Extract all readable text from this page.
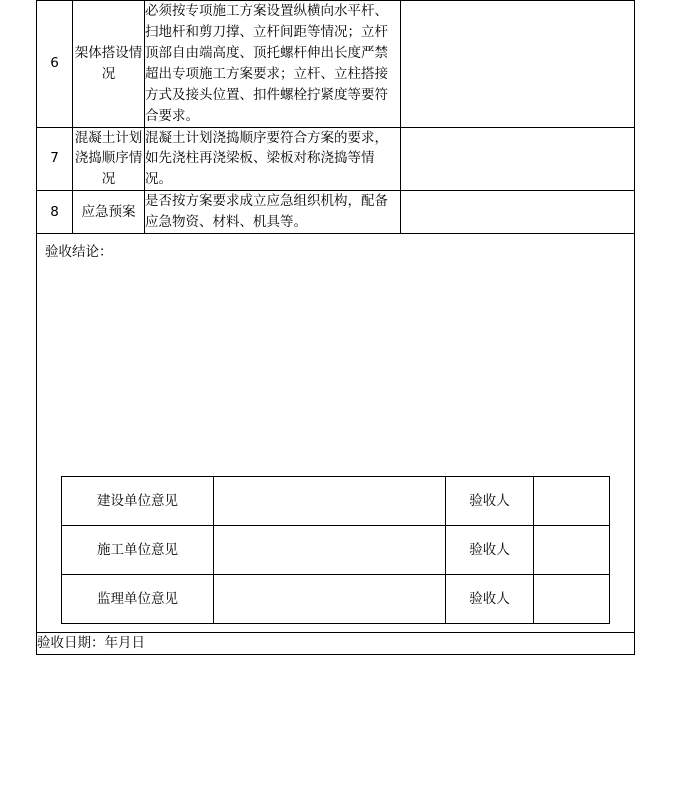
6	架体搭设情况	必须按专项施工方案设置纵横向水平杆、扫地杆和剪刀撑、立杆间距等情况；立杆顶部自由端高度、顶托螺杆伸出长度严禁超出专项施工方案要求；立杆、立柱搭接方式及接头位置、扣件螺栓拧紧度等要符合要求。	
7	混凝土计划浇捣顺序情况	混凝土计划浇捣顺序要符合方案的要求，如先浇柱再浇梁板、梁板对称浇捣等情况。	
8	应急预案	是否按方案要求成立应急组织机构，配备应急物资、材料、机具等。	

验收结论：
建设单位意见		验收人	
施工单位意见		验收人	
监理单位意见		验收人	

验收日期：年月日
